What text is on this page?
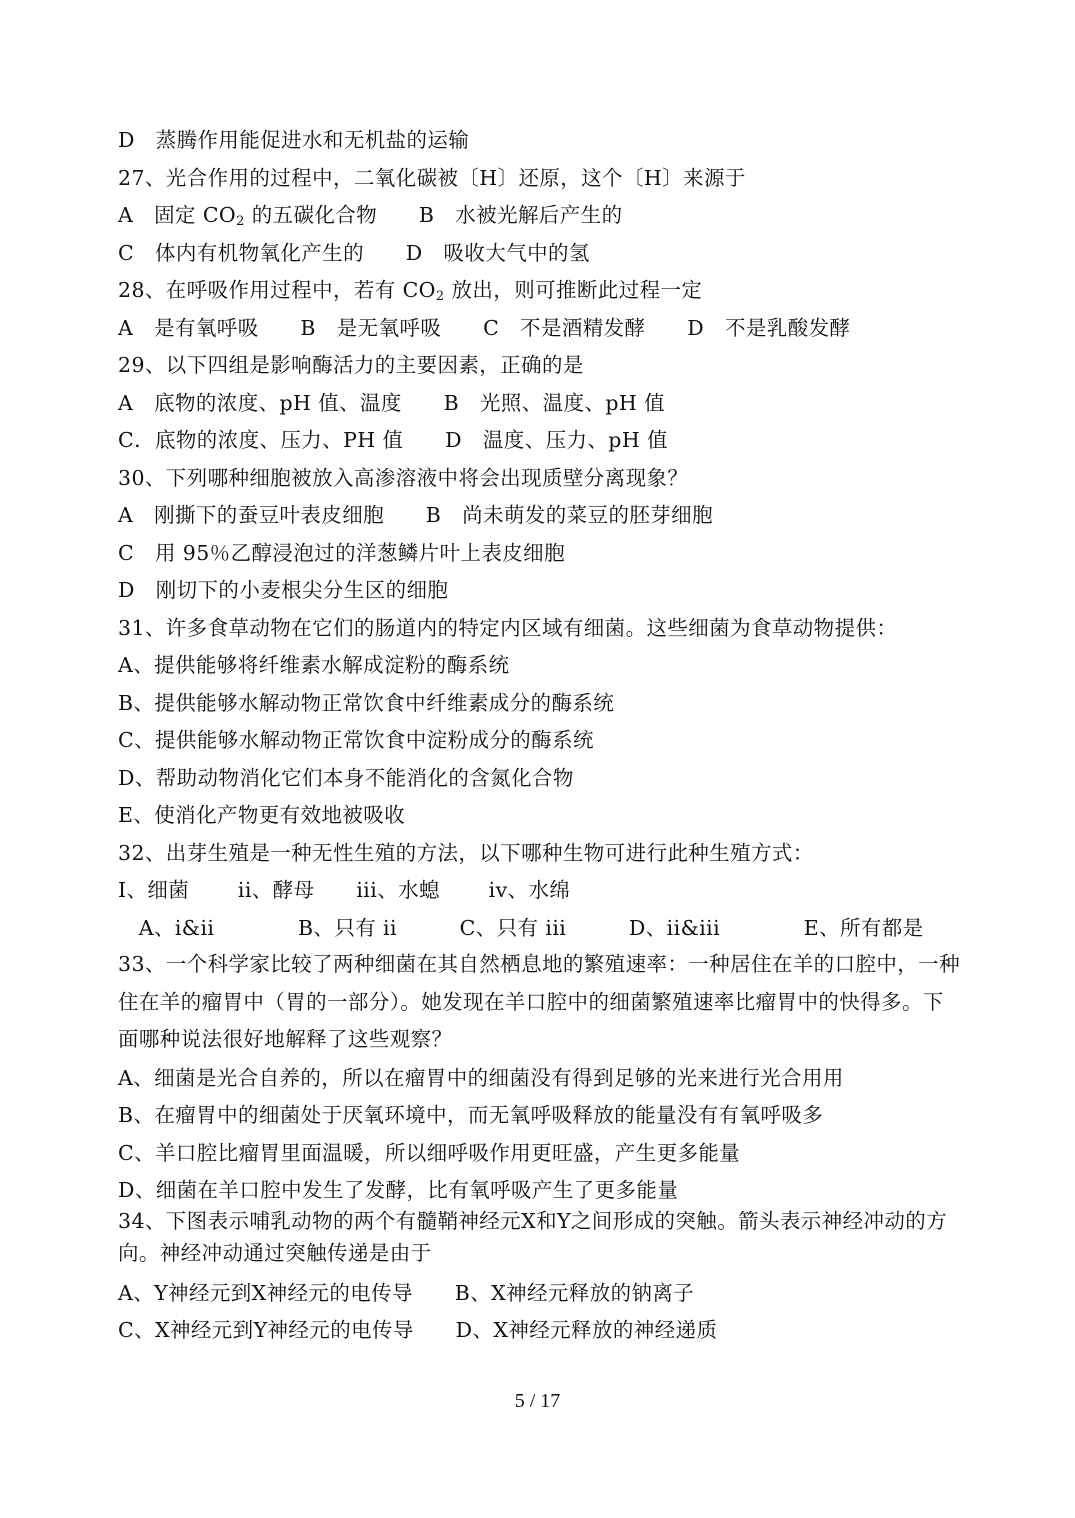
D　蒸腾作用能促进水和无机盐的运输
27、光合作用的过程中，二氧化碳被〔H〕还原，这个〔H〕来源于
A　固定 $CO_2$ 的五碳化合物　　B　水被光解后产生的
C　体内有机物氧化产生的　　D　吸收大气中的氢
28、在呼吸作用过程中，若有 $CO_2$ 放出，则可推断此过程一定
A　是有氧呼吸　　B　是无氧呼吸　　C　不是酒精发酵　　D　不是乳酸发酵
29、以下四组是影响酶活力的主要因素，正确的是
A　底物的浓度、pH 值、温度　　B　光照、温度、pH 值
C．底物的浓度、压力、PH 值　　D　温度、压力、pH 值
30、下列哪种细胞被放入高渗溶液中将会出现质壁分离现象？
A　刚撕下的蚕豆叶表皮细胞　　B　尚未萌发的菜豆的胚芽细胞
C　用 95％乙醇浸泡过的洋葱鳞片叶上表皮细胞
D　刚切下的小麦根尖分生区的细胞
31、许多食草动物在它们的肠道内的特定内区域有细菌。这些细菌为食草动物提供：
A、提供能够将纤维素水解成淀粉的酶系统
B、提供能够水解动物正常饮食中纤维素成分的酶系统
C、提供能够水解动物正常饮食中淀粉成分的酶系统
D、帮助动物消化它们本身不能消化的含氮化合物
E、使消化产物更有效地被吸收
32、出芽生殖是一种无性生殖的方法，以下哪种生物可进行此种生殖方式：
I、细菌　　 ii、酵母　　iii、水螅　　 iv、水绵
A、i&ii　　　　B、只有 ii　　　C、只有 iii　　　D、ii&iii　　　　E、所有都是
33、一个科学家比较了两种细菌在其自然栖息地的繁殖速率：一种居住在羊的口腔中，一种住在羊的瘤胃中（胃的一部分）。她发现在羊口腔中的细菌繁殖速率比瘤胃中的快得多。下面哪种说法很好地解释了这些观察？
A、细菌是光合自养的，所以在瘤胃中的细菌没有得到足够的光来进行光合用用
B、在瘤胃中的细菌处于厌氧环境中，而无氧呼吸释放的能量没有有氧呼吸多
C、羊口腔比瘤胃里面温暖，所以细呼吸作用更旺盛，产生更多能量
D、细菌在羊口腔中发生了发酵，比有氧呼吸产生了更多能量
34、下图表示哺乳动物的两个有髓鞘神经元X和Y之间形成的突触。箭头表示神经冲动的方向。神经冲动通过突触传递是由于
A、Y神经元到X神经元的电传导　　B、X神经元释放的钠离子
C、X神经元到Y神经元的电传导　　D、X神经元释放的神经递质
5 / 17
